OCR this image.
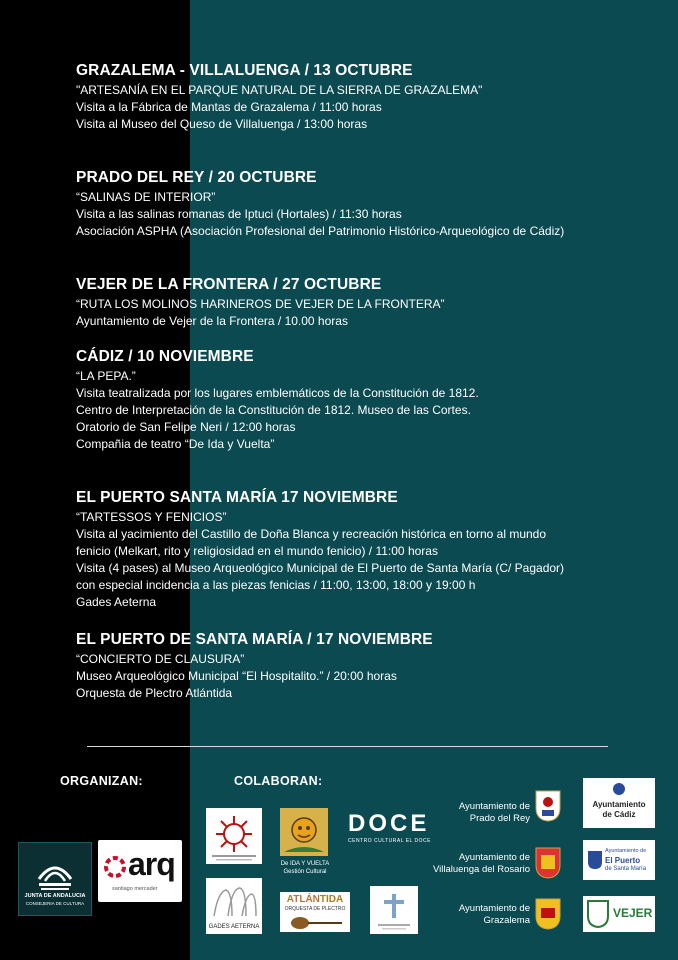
GRAZALEMA - VILLALUENGA / 13 OCTUBRE
"ARTESANÍA EN EL PARQUE NATURAL DE LA SIERRA DE GRAZALEMA"
Visita a la Fábrica de Mantas de Grazalema / 11:00 horas
Visita al Museo del Queso de Villaluenga / 13:00 horas
PRADO DEL REY / 20 OCTUBRE
“SALINAS DE INTERIOR”
Visita a las salinas romanas de Iptuci (Hortales) / 11:30 horas
Asociación ASPHA (Asociación Profesional del Patrimonio Histórico-Arqueológico de Cádiz)
VEJER DE LA FRONTERA / 27 OCTUBRE
“RUTA LOS MOLINOS HARINEROS DE VEJER DE LA FRONTERA”
Ayuntamiento de Vejer de la Frontera / 10.00 horas
CÁDIZ / 10 NOVIEMBRE
“LA PEPA.”
Visita teatralizada por los lugares emblemáticos de la Constitución de 1812.
Centro de Interpretación de la Constitución de 1812. Museo de las Cortes.
Oratorio de San Felipe Neri / 12:00 horas
Compañia de teatro “De Ida y Vuelta”
EL PUERTO SANTA MARÍA 17 NOVIEMBRE
“TARTESSOS Y FENICIOS”
Visita al yacimiento del Castillo de Doña Blanca y recreación histórica en torno al mundo
fenicio (Melkart, rito y religiosidad en el mundo fenicio) / 11:00 horas
Visita (4 pases) al Museo Arqueológico Municipal de El Puerto de Santa María (C/ Pagador)
con especial incidencia a las piezas fenicias / 11:00, 13:00, 18:00 y 19:00 h
Gades Aeterna
EL PUERTO DE SANTA MARÍA / 17 NOVIEMBRE
“CONCIERTO DE CLAUSURA”
Museo Arqueológico Municipal “El Hospitalito.” / 20:00 horas
Orquesta de Plectro Atlántida
ORGANIZAN:	COLABORAN:
JUNTA DE ANDALUCIA
CONSEJERIA DE CULTURA
arq
santiago mercader
GADES AETERNA
De IDA Y VUELTA
Gestión Cultural
ATLÁNTIDA
ORQUESTA DE PLECTRO
DOCE
CENTRO CULTURAL EL DOCE
Ayuntamiento de
Prado del Rey
Ayuntamiento de
Villaluenga del Rosario
Ayuntamiento de
Grazalema
Ayuntamiento
de Cádiz
Ayuntamiento de
El Puerto
de Santa María
VEJER
